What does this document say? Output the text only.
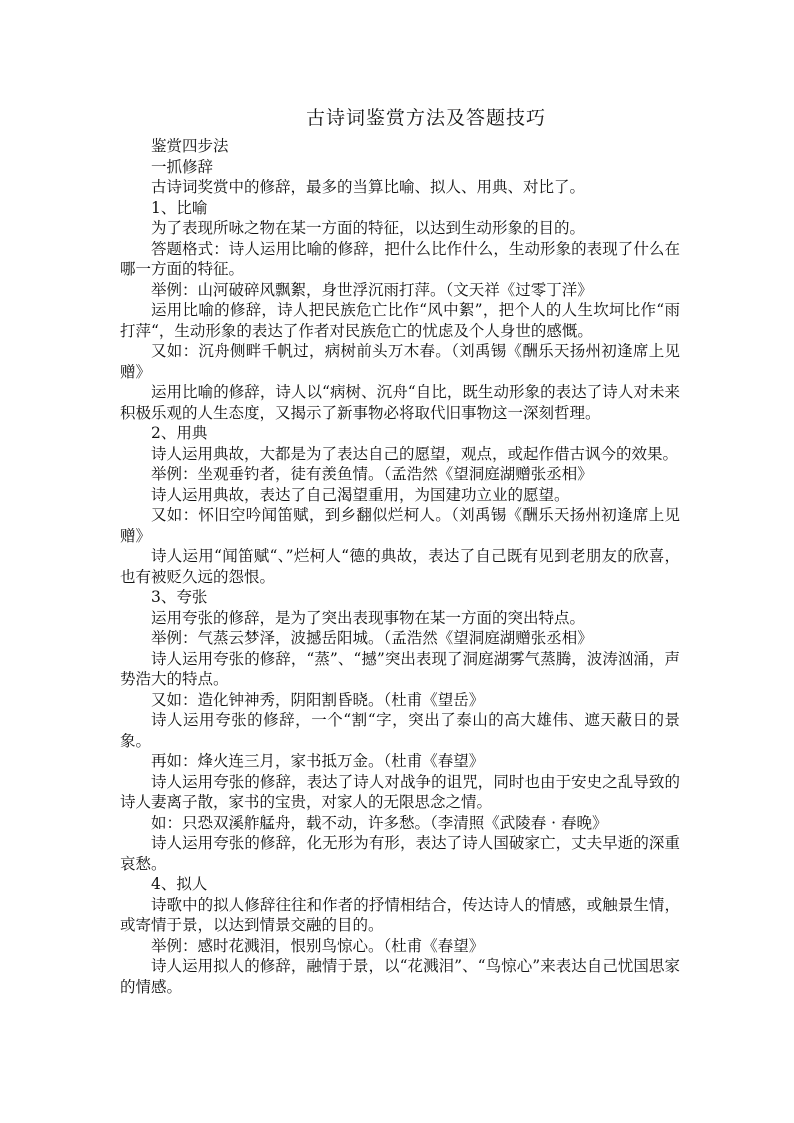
古诗词鉴赏方法及答题技巧

鉴赏四步法

一抓修辞

古诗词奖赏中的修辞，最多的当算比喻、拟人、用典、对比了。

1、比喻

为了表现所咏之物在某一方面的特征，以达到生动形象的目的。

答题格式：诗人运用比喻的修辞，把什么比作什么，生动形象的表现了什么在哪一方面的特征。

举例：山河破碎风飘絮，身世浮沉雨打萍。（文天祥《过零丁洋》

运用比喻的修辞，诗人把民族危亡比作“风中絮”，把个人的人生坎坷比作“雨打萍“，生动形象的表达了作者对民族危亡的忧虑及个人身世的感慨。

又如：沉舟侧畔千帆过，病树前头万木春。（刘禹锡《酬乐天扬州初逢席上见赠》

运用比喻的修辞，诗人以“病树、沉舟“自比，既生动形象的表达了诗人对未来积极乐观的人生态度，又揭示了新事物必将取代旧事物这一深刻哲理。

2、用典

诗人运用典故，大都是为了表达自己的愿望，观点，或起作借古讽今的效果。

举例：坐观垂钓者，徒有羡鱼情。（孟浩然《望洞庭湖赠张丞相》

诗人运用典故，表达了自己渴望重用，为国建功立业的愿望。

又如：怀旧空吟闻笛赋，到乡翻似烂柯人。（刘禹锡《酬乐天扬州初逢席上见赠》

诗人运用“闻笛赋“、”烂柯人“德的典故，表达了自己既有见到老朋友的欣喜，也有被贬久远的怨恨。

3、夸张

运用夸张的修辞，是为了突出表现事物在某一方面的突出特点。

举例：气蒸云梦泽，波撼岳阳城。（孟浩然《望洞庭湖赠张丞相》

诗人运用夸张的修辞，“蒸”、“撼”突出表现了洞庭湖雾气蒸腾，波涛汹涌，声势浩大的特点。

又如：造化钟神秀，阴阳割昏晓。（杜甫《望岳》

诗人运用夸张的修辞，一个“割“字，突出了泰山的高大雄伟、遮天蔽日的景象。

再如：烽火连三月，家书抵万金。（杜甫《春望》

诗人运用夸张的修辞，表达了诗人对战争的诅咒，同时也由于安史之乱导致的诗人妻离子散，家书的宝贵，对家人的无限思念之情。

如：只恐双溪舴艋舟，载不动，许多愁。（李清照《武陵春 · 春晚》

诗人运用夸张的修辞，化无形为有形，表达了诗人国破家亡，丈夫早逝的深重哀愁。

4、拟人

诗歌中的拟人修辞往往和作者的抒情相结合，传达诗人的情感，或触景生情，或寄情于景，以达到情景交融的目的。

举例：感时花溅泪，恨别鸟惊心。（杜甫《春望》

诗人运用拟人的修辞，融情于景，以“花溅泪”、“鸟惊心”来表达自己忧国思家的情感。
